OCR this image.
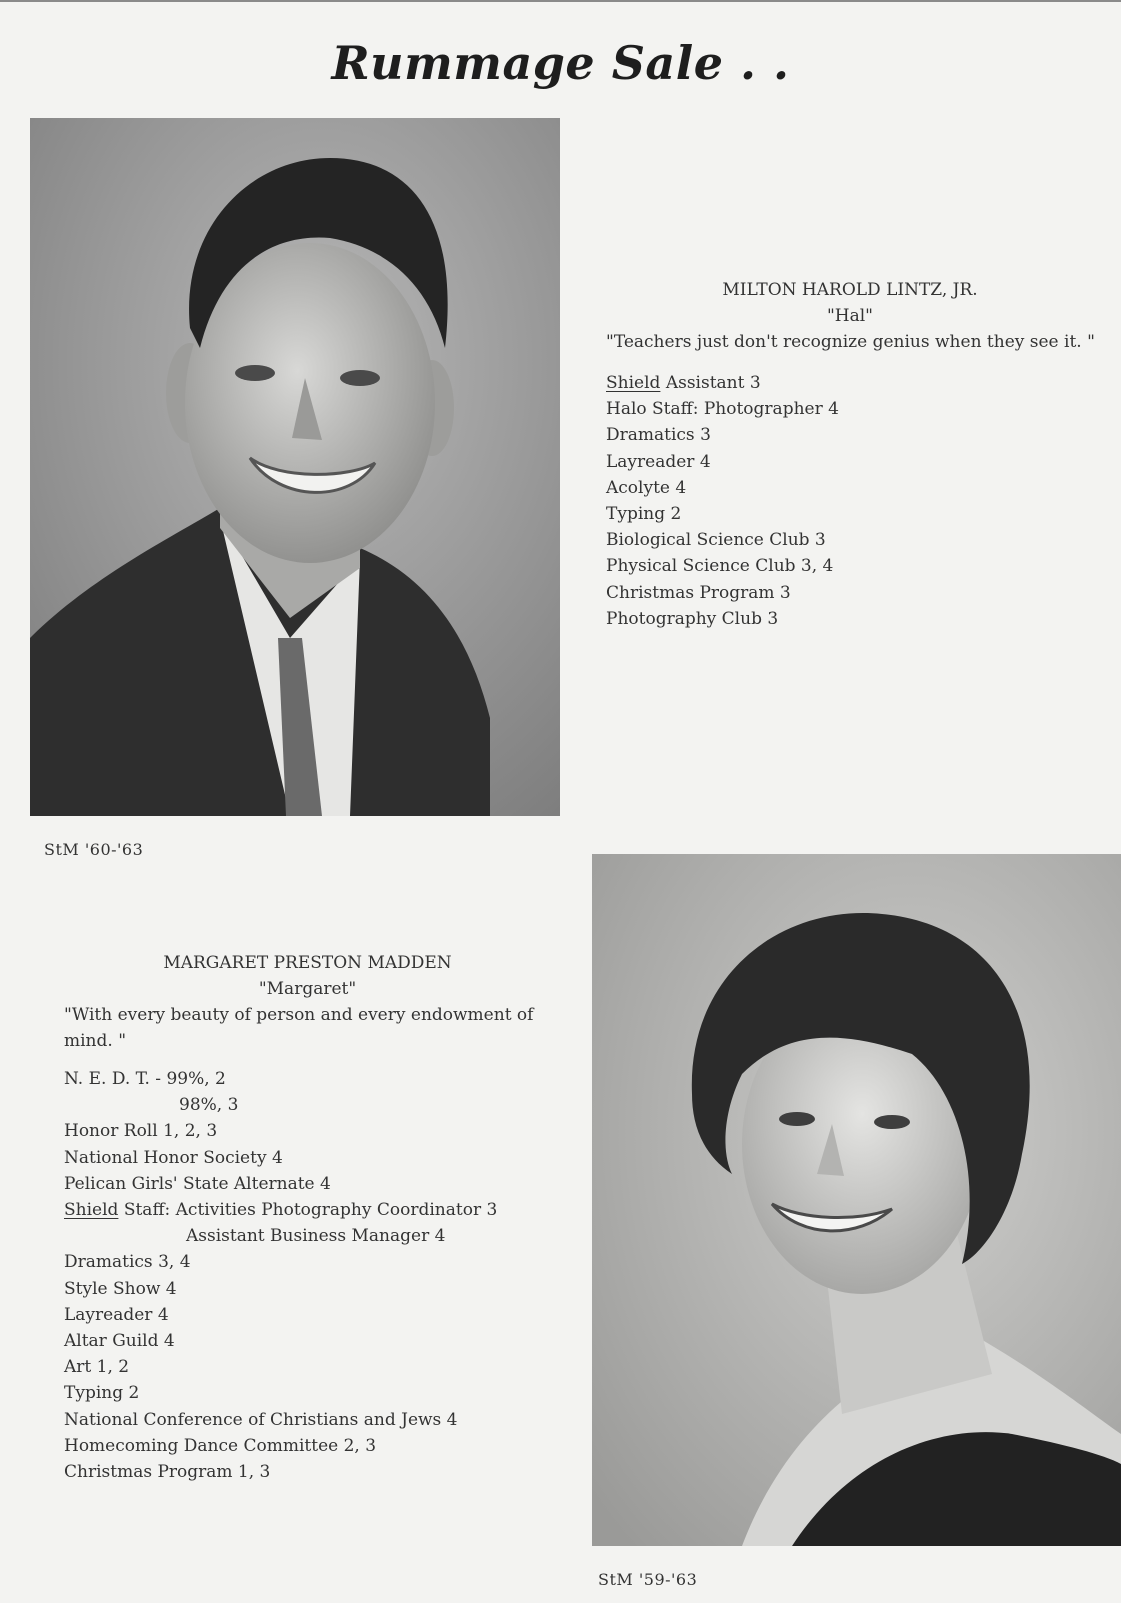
Rummage Sale . .
MILTON HAROLD LINTZ, JR.
"Hal"
"Teachers just don't recognize genius when they see it. "
Shield Assistant 3
Halo Staff: Photographer 4
Dramatics 3
Layreader 4
Acolyte 4
Typing 2
Biological Science Club 3
Physical Science Club 3, 4
Christmas Program 3
Photography Club 3
StM '60-'63
MARGARET PRESTON MADDEN
"Margaret"
"With every beauty of person and every endowment of
mind. "
N. E. D. T. - 99%, 2
98%, 3
Honor Roll 1, 2, 3
National Honor Society 4
Pelican Girls' State Alternate 4
Shield Staff: Activities Photography Coordinator 3
Assistant Business Manager 4
Dramatics 3, 4
Style Show 4
Layreader 4
Altar Guild 4
Art 1, 2
Typing 2
National Conference of Christians and Jews 4
Homecoming Dance Committee 2, 3
Christmas Program 1, 3
StM '59-'63
